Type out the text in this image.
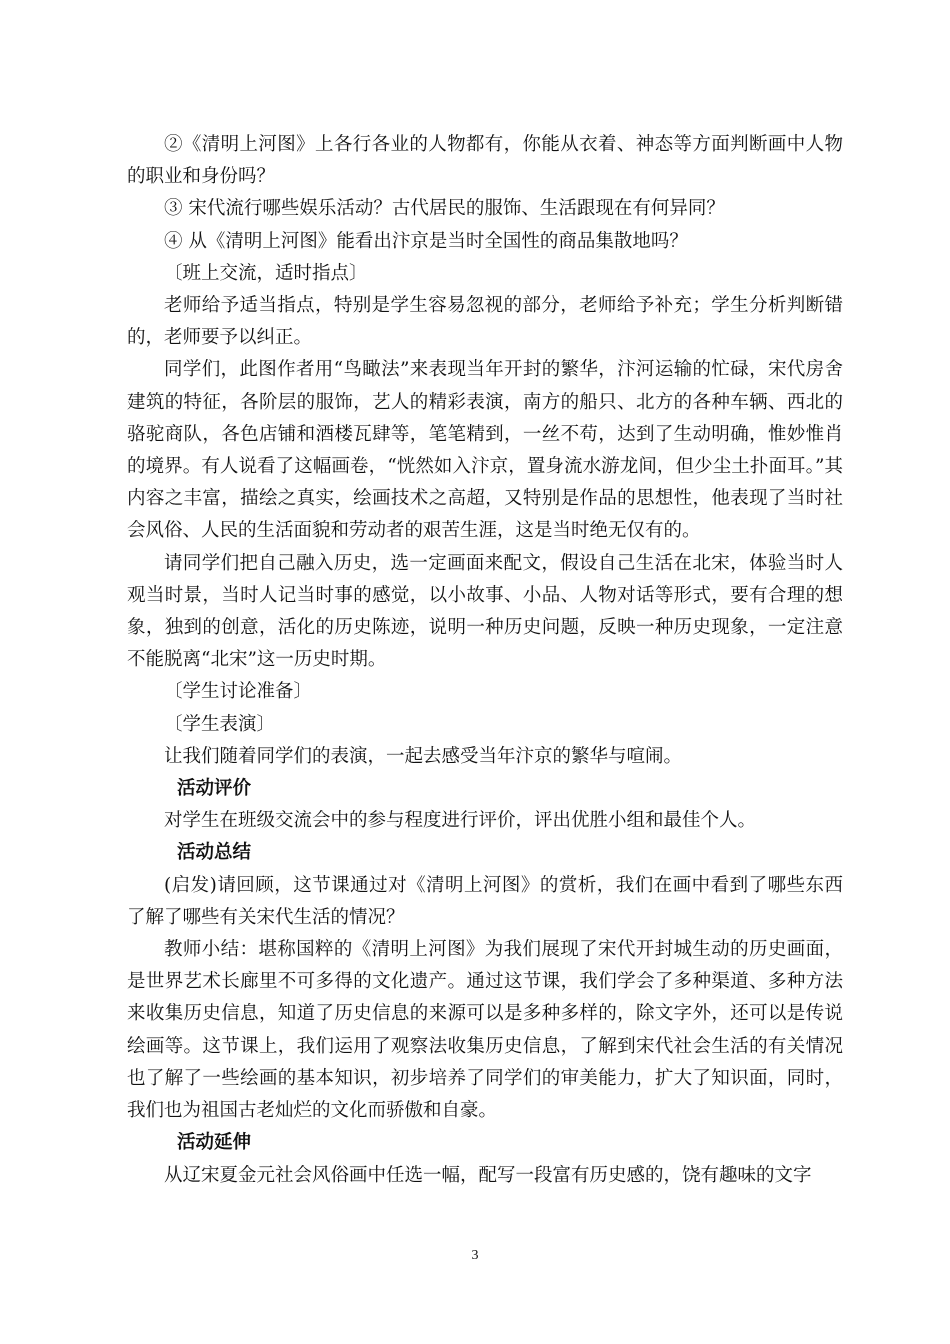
②《清明上河图》上各行各业的人物都有，你能从衣着、神态等方面判断画中人物的职业和身份吗？

③ 宋代流行哪些娱乐活动？古代居民的服饰、生活跟现在有何异同？

④ 从《清明上河图》能看出汴京是当时全国性的商品集散地吗？

〔班上交流，适时指点〕

老师给予适当指点，特别是学生容易忽视的部分，老师给予补充；学生分析判断错的，老师要予以纠正。

同学们，此图作者用“鸟瞰法”来表现当年开封的繁华，汴河运输的忙碌，宋代房舍建筑的特征，各阶层的服饰，艺人的精彩表演，南方的船只、北方的各种车辆、西北的骆驼商队，各色店铺和酒楼瓦肆等，笔笔精到，一丝不苟，达到了生动明确，惟妙惟肖的境界。有人说看了这幅画卷，“恍然如入汴京，置身流水游龙间，但少尘土扑面耳。”其内容之丰富，描绘之真实，绘画技术之高超，又特别是作品的思想性，他表现了当时社会风俗、人民的生活面貌和劳动者的艰苦生涯，这是当时绝无仅有的。

请同学们把自己融入历史，选一定画面来配文，假设自己生活在北宋，体验当时人观当时景，当时人记当时事的感觉，以小故事、小品、人物对话等形式，要有合理的想象，独到的创意，活化的历史陈迹，说明一种历史问题，反映一种历史现象，一定注意不能脱离“北宋”这一历史时期。

〔学生讨论准备〕

〔学生表演〕

让我们随着同学们的表演，一起去感受当年汴京的繁华与喧闹。

活动评价

对学生在班级交流会中的参与程度进行评价，评出优胜小组和最佳个人。

活动总结

(启发)请回顾，这节课通过对《清明上河图》的赏析，我们在画中看到了哪些东西了解了哪些有关宋代生活的情况？

教师小结：堪称国粹的《清明上河图》为我们展现了宋代开封城生动的历史画面，是世界艺术长廊里不可多得的文化遗产。通过这节课，我们学会了多种渠道、多种方法来收集历史信息，知道了历史信息的来源可以是多种多样的，除文字外，还可以是传说绘画等。这节课上，我们运用了观察法收集历史信息，了解到宋代社会生活的有关情况也了解了一些绘画的基本知识，初步培养了同学们的审美能力，扩大了知识面，同时，我们也为祖国古老灿烂的文化而骄傲和自豪。

活动延伸

从辽宋夏金元社会风俗画中任选一幅，配写一段富有历史感的，饶有趣味的文字

3
